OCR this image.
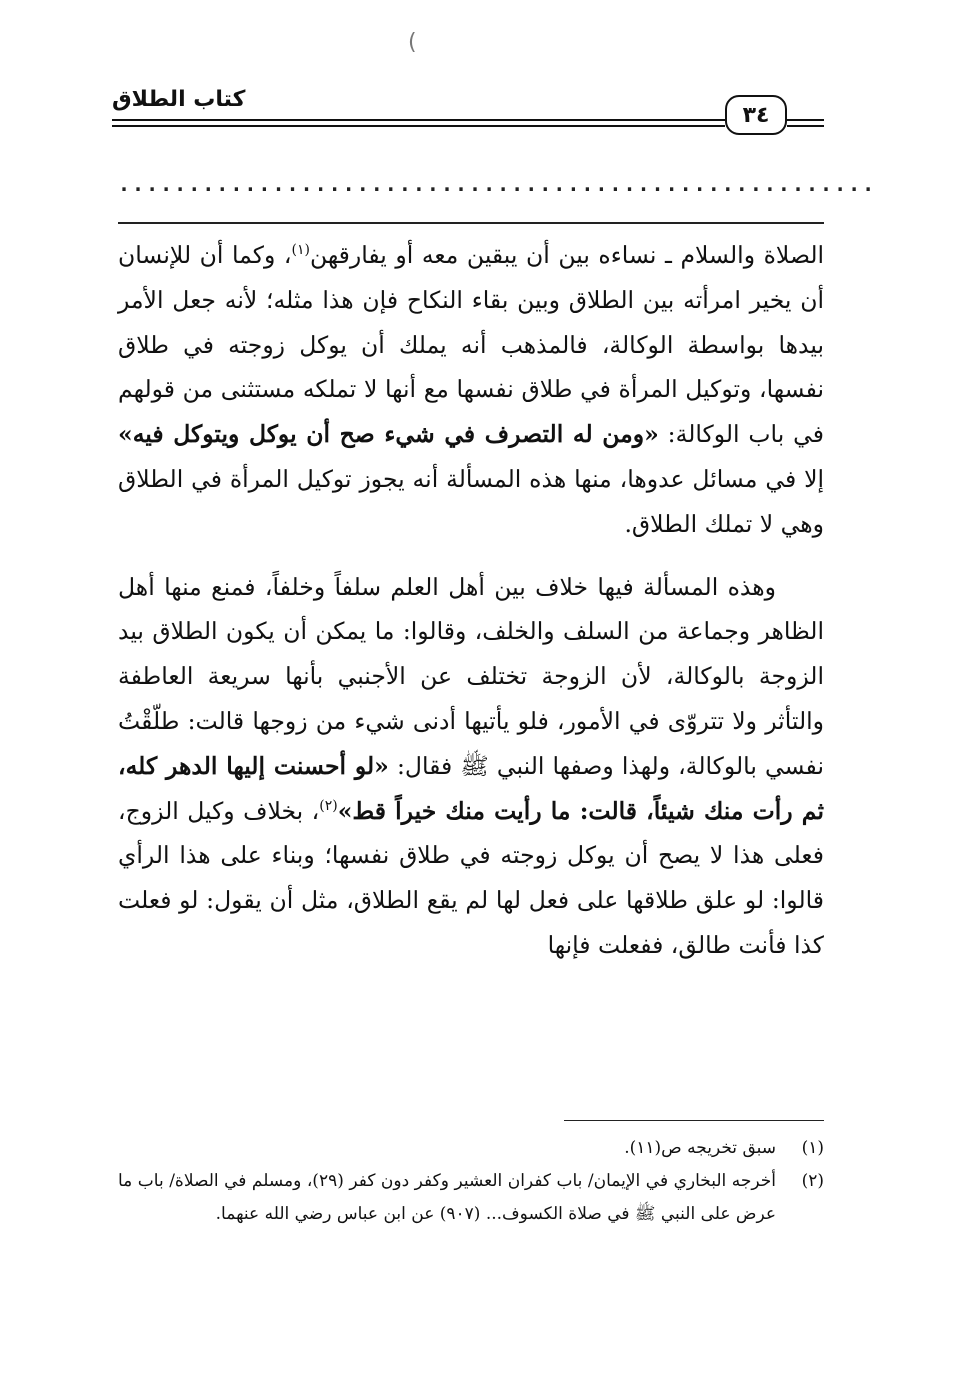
(
كتاب الطلاق
٣٤
......................................................

الصلاة والسلام ـ نساءه بين أن يبقين معه أو يفارقهن$^{(١)}$، وكما أن للإنسان أن يخير امرأته بين الطلاق وبين بقاء النكاح فإن هذا مثله؛ لأنه جعل الأمر بيدها بواسطة الوكالة، فالمذهب أنه يملك أن يوكل زوجته في طلاق نفسها، وتوكيل المرأة في طلاق نفسها مع أنها لا تملكه مستثنى من قولهم في باب الوكالة: «ومن له التصرف في شيء صح أن يوكل ويتوكل فيه» إلا في مسائل عدوها، منها هذه المسألة أنه يجوز توكيل المرأة في الطلاق وهي لا تملك الطلاق.

وهذه المسألة فيها خلاف بين أهل العلم سلفاً وخلفاً، فمنع منها أهل الظاهر وجماعة من السلف والخلف، وقالوا: ما يمكن أن يكون الطلاق بيد الزوجة بالوكالة، لأن الزوجة تختلف عن الأجنبي بأنها سريعة العاطفة والتأثر ولا تتروّى في الأمور، فلو يأتيها أدنى شيء من زوجها قالت: طلّقْتُ نفسي بالوكالة، ولهذا وصفها النبي ﷺ فقال: «لو أحسنت إليها الدهر كله، ثم رأت منك شيئاً، قالت: ما رأيت منك خيراً قط»$^{(٢)}$، بخلاف وكيل الزوج، فعلى هذا لا يصح أن يوكل زوجته في طلاق نفسها؛ وبناء على هذا الرأي قالوا: لو علق طلاقها على فعل لها لم يقع الطلاق، مثل أن يقول: لو فعلت كذا فأنت طالق، ففعلت فإنها

(١)
سبق تخريجه ص(١١).
(٢)
أخرجه البخاري في الإيمان/ باب كفران العشير وكفر دون كفر (٢٩)، ومسلم في الصلاة/ باب ما عرض على النبي ﷺ في صلاة الكسوف... (٩٠٧) عن ابن عباس رضي الله عنهما.
